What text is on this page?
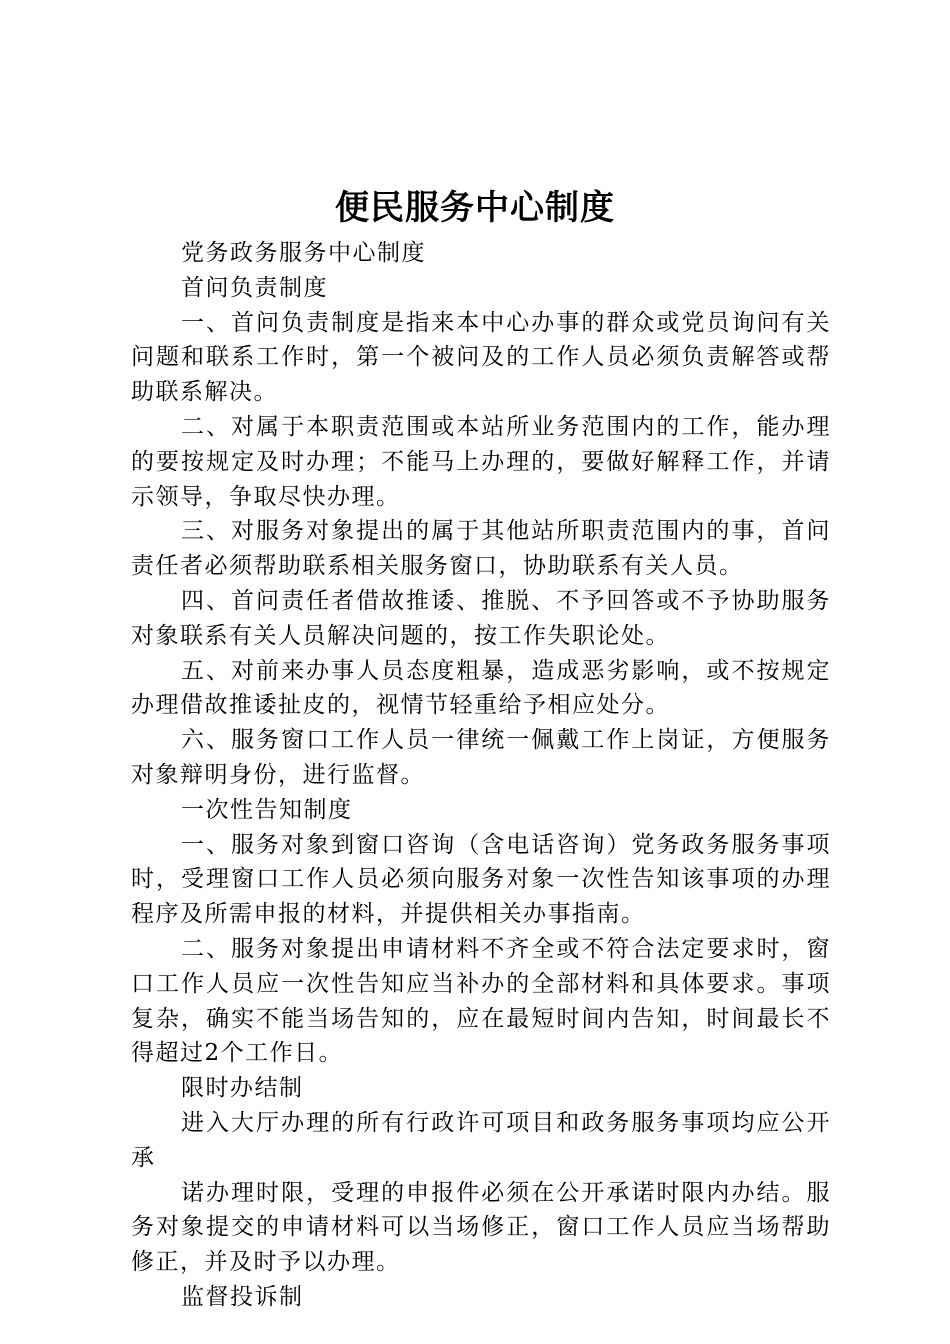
便民服务中心制度

党务政务服务中心制度

首问负责制度

一、首问负责制度是指来本中心办事的群众或党员询问有关问题和联系工作时，第一个被问及的工作人员必须负责解答或帮助联系解决。

二、对属于本职责范围或本站所业务范围内的工作，能办理的要按规定及时办理；不能马上办理的，要做好解释工作，并请示领导，争取尽快办理。

三、对服务对象提出的属于其他站所职责范围内的事，首问责任者必须帮助联系相关服务窗口，协助联系有关人员。

四、首问责任者借故推诿、推脱、不予回答或不予协助服务对象联系有关人员解决问题的，按工作失职论处。

五、对前来办事人员态度粗暴，造成恶劣影响，或不按规定办理借故推诿扯皮的，视情节轻重给予相应处分。

六、服务窗口工作人员一律统一佩戴工作上岗证，方便服务对象辩明身份，进行监督。

一次性告知制度

一、服务对象到窗口咨询（含电话咨询）党务政务服务事项时，受理窗口工作人员必须向服务对象一次性告知该事项的办理程序及所需申报的材料，并提供相关办事指南。

二、服务对象提出申请材料不齐全或不符合法定要求时，窗口工作人员应一次性告知应当补办的全部材料和具体要求。事项复杂，确实不能当场告知的，应在最短时间内告知，时间最长不得超过2个工作日。

限时办结制

进入大厅办理的所有行政许可项目和政务服务事项均应公开承

诺办理时限，受理的申报件必须在公开承诺时限内办结。服务对象提交的申请材料可以当场修正，窗口工作人员应当场帮助修正，并及时予以办理。

监督投诉制
